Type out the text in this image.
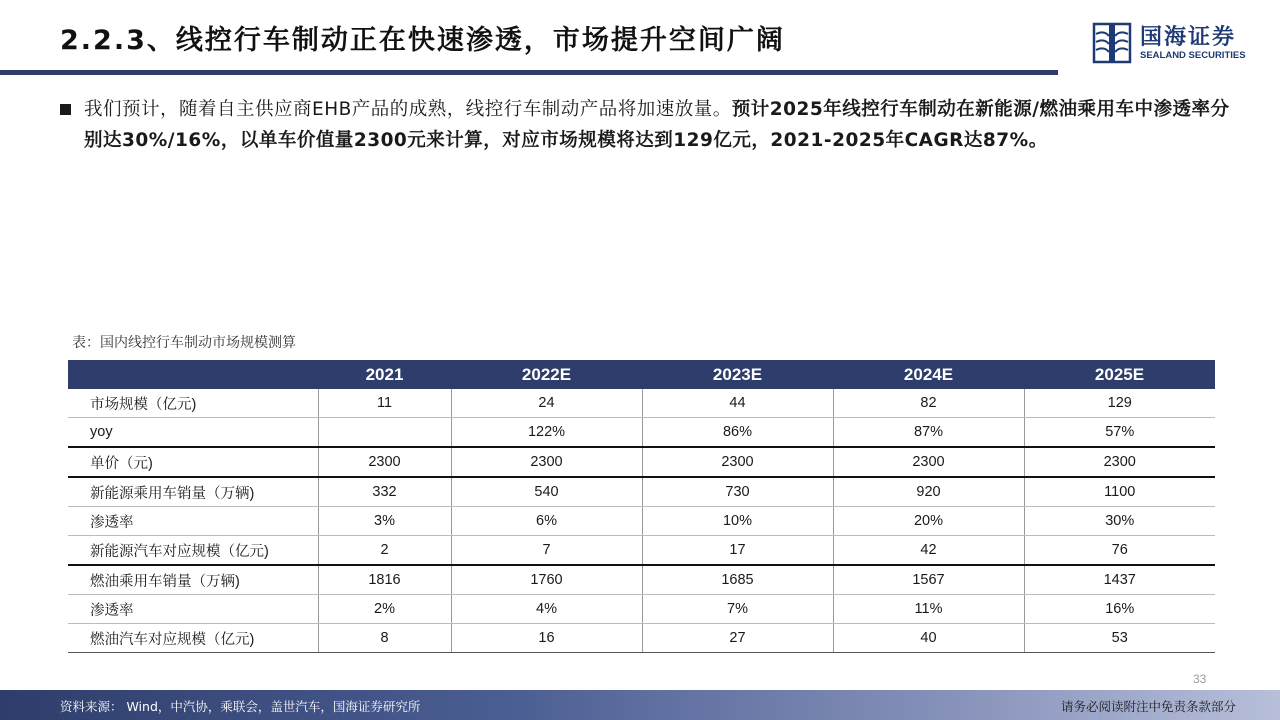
2.2.3、线控行车制动正在快速渗透，市场提升空间广阔	国海证券
SEALAND SECURITIES
我们预计，随着自主供应商EHB产品的成熟，线控行车制动产品将加速放量。预计2025年线控行车制动在新能源/燃油乘用车中渗透率分别达30%/16%，以单车价值量2300元来计算，对应市场规模将达到129亿元，2021-2025年CAGR达87%。
表：国内线控行车制动市场规模测算
	2021	2022E	2023E	2024E	2025E
市场规模（亿元)	11	24	44	82	129
yoy		122%	86%	87%	57%
单价（元)	2300	2300	2300	2300	2300
新能源乘用车销量（万辆)	332	540	730	920	1100
渗透率	3%	6%	10%	20%	30%
新能源汽车对应规模（亿元)	2	7	17	42	76
燃油乘用车销量（万辆)	1816	1760	1685	1567	1437
渗透率	2%	4%	7%	11%	16%
燃油汽车对应规模（亿元)	8	16	27	40	53
33
资料来源： Wind，中汽协，乘联会，盖世汽车，国海证券研究所	请务必阅读附注中免责条款部分
